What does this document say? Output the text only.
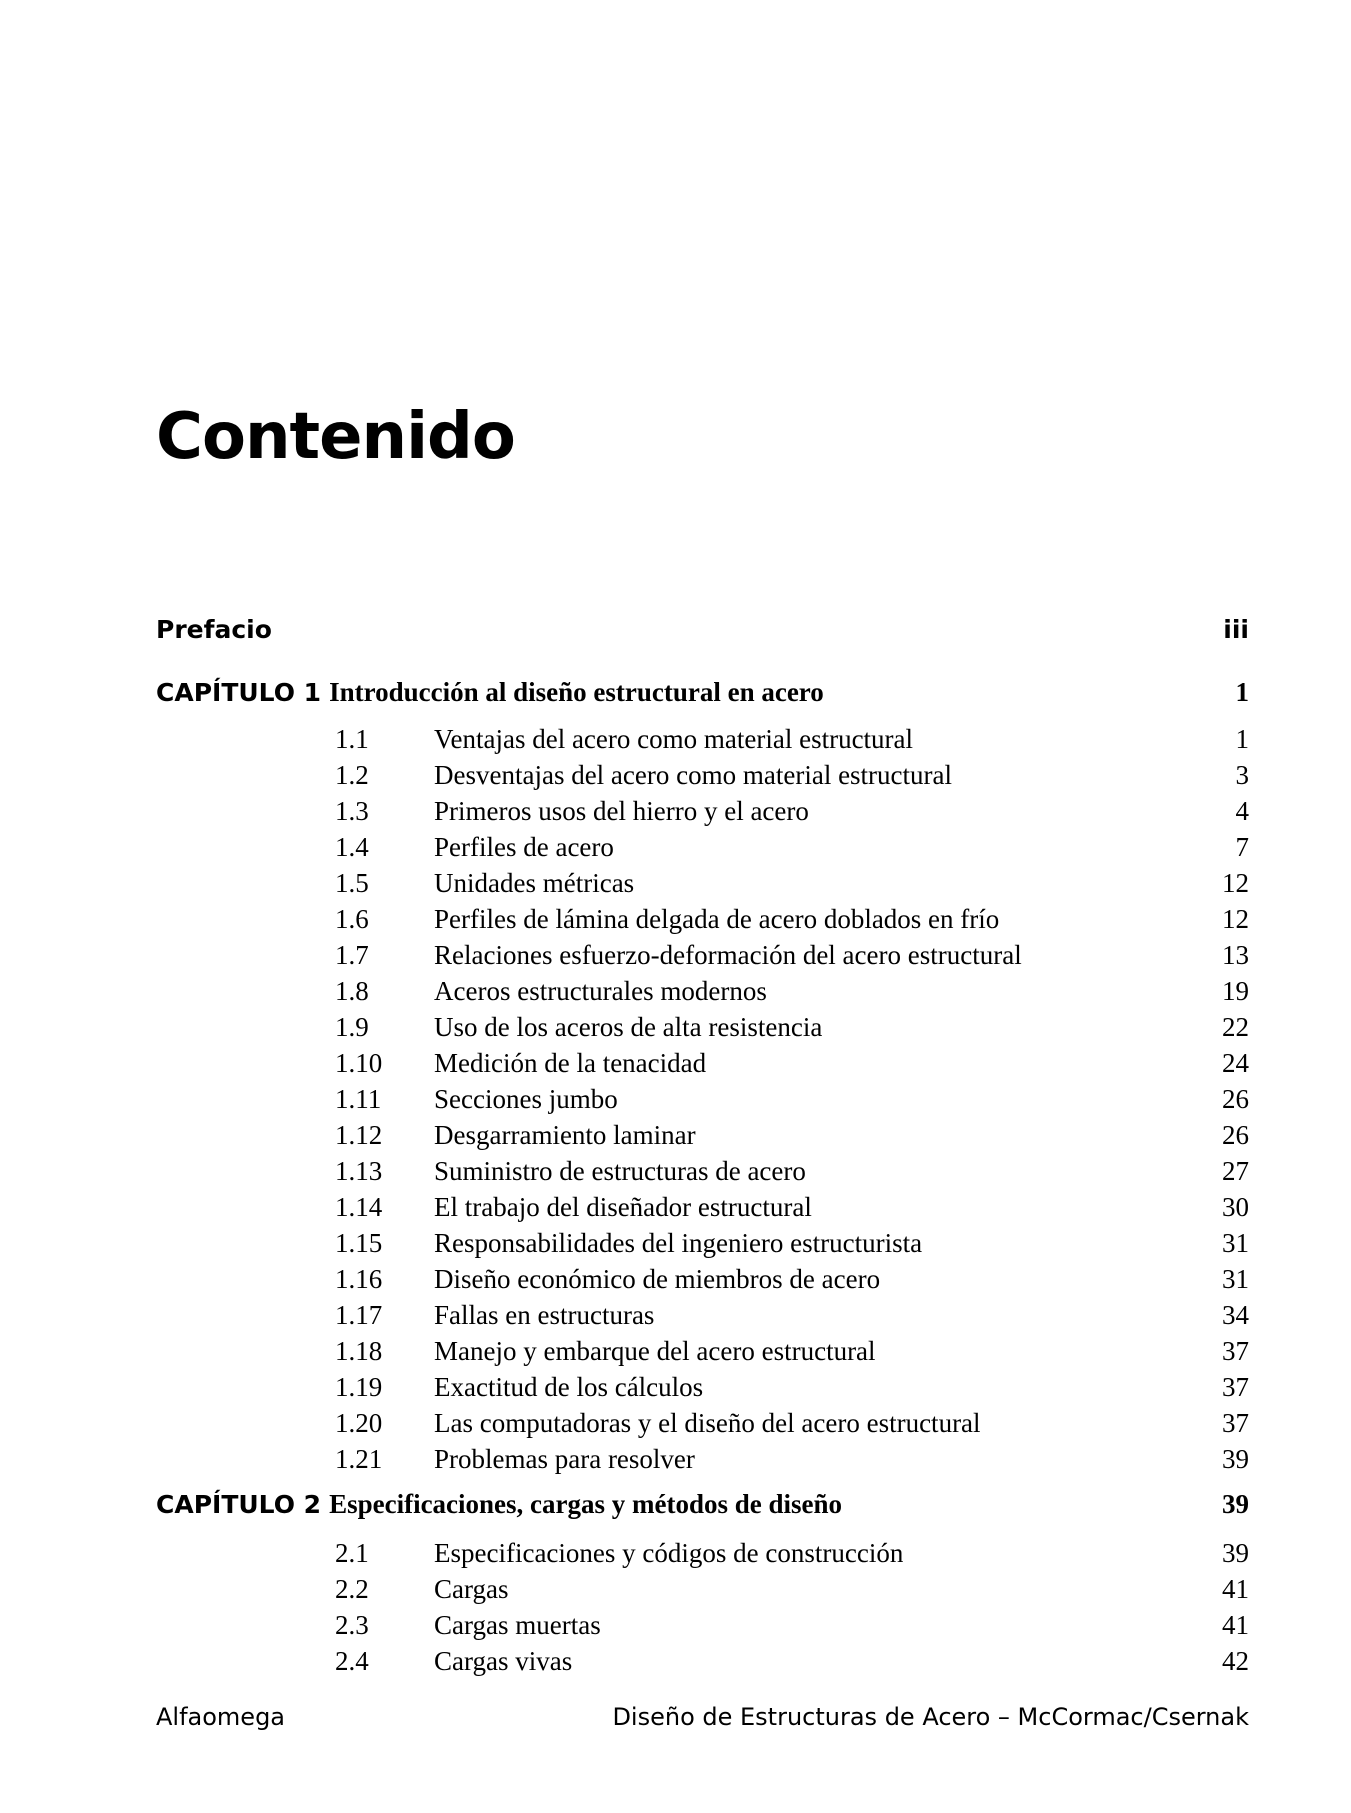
Contenido
Prefacio	iii
CAPÍTULO 1 Introducción al diseño estructural en acero	1
1.1 Ventajas del acero como material estructural	1
1.2 Desventajas del acero como material estructural	3
1.3 Primeros usos del hierro y el acero	4
1.4 Perfiles de acero	7
1.5 Unidades métricas	12
1.6 Perfiles de lámina delgada de acero doblados en frío	12
1.7 Relaciones esfuerzo-deformación del acero estructural	13
1.8 Aceros estructurales modernos	19
1.9 Uso de los aceros de alta resistencia	22
1.10 Medición de la tenacidad	24
1.11 Secciones jumbo	26
1.12 Desgarramiento laminar	26
1.13 Suministro de estructuras de acero	27
1.14 El trabajo del diseñador estructural	30
1.15 Responsabilidades del ingeniero estructurista	31
1.16 Diseño económico de miembros de acero	31
1.17 Fallas en estructuras	34
1.18 Manejo y embarque del acero estructural	37
1.19 Exactitud de los cálculos	37
1.20 Las computadoras y el diseño del acero estructural	37
1.21 Problemas para resolver	39
CAPÍTULO 2 Especificaciones, cargas y métodos de diseño	39
2.1 Especificaciones y códigos de construcción	39
2.2 Cargas	41
2.3 Cargas muertas	41
2.4 Cargas vivas	42
Alfaomega	Diseño de Estructuras de Acero – McCormac/Csernak
